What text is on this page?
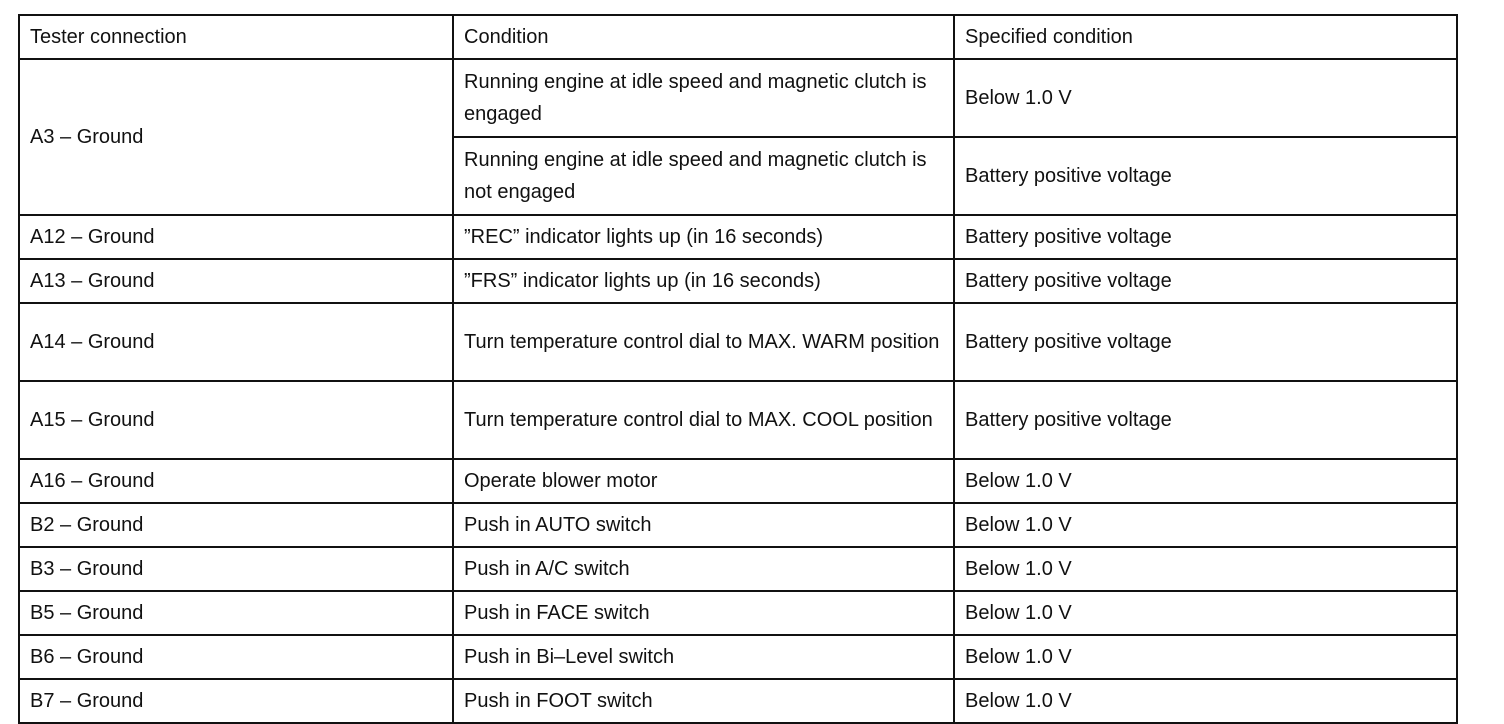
Tester connection	Condition	Specified condition
A3 – Ground	Running engine at idle speed and magnetic clutch is engaged	Below 1.0 V
	Running engine at idle speed and magnetic clutch is not engaged	Battery positive voltage
A12 – Ground	”REC” indicator lights up (in 16 seconds)	Battery positive voltage
A13 – Ground	”FRS” indicator lights up (in 16 seconds)	Battery positive voltage
A14 – Ground	Turn temperature control dial to MAX. WARM position	Battery positive voltage
A15 – Ground	Turn temperature control dial to MAX. COOL position	Battery positive voltage
A16 – Ground	Operate blower motor	Below 1.0 V
B2 – Ground	Push in AUTO switch	Below 1.0 V
B3 – Ground	Push in A/C switch	Below 1.0 V
B5 – Ground	Push in FACE switch	Below 1.0 V
B6 – Ground	Push in Bi–Level switch	Below 1.0 V
B7 – Ground	Push in FOOT switch	Below 1.0 V
